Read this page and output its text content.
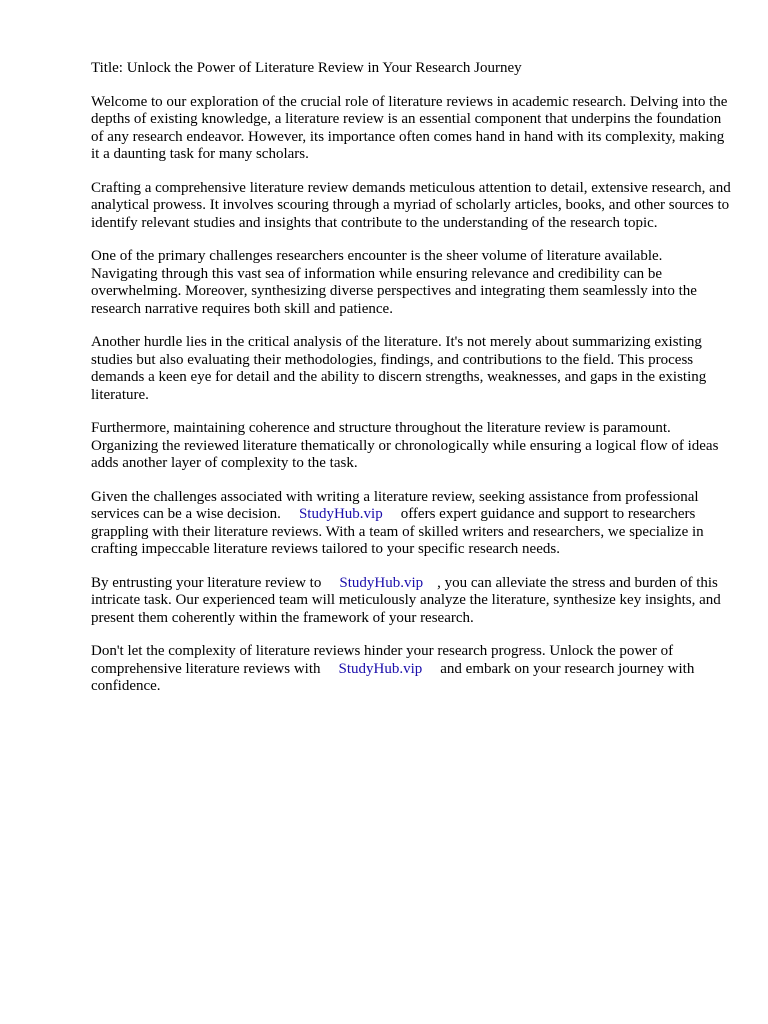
Title: Unlock the Power of Literature Review in Your Research Journey

Welcome to our exploration of the crucial role of literature reviews in academic research. Delving into the depths of existing knowledge, a literature review is an essential component that underpins the foundation of any research endeavor. However, its importance often comes hand in hand with its complexity, making it a daunting task for many scholars.

Crafting a comprehensive literature review demands meticulous attention to detail, extensive research, and analytical prowess. It involves scouring through a myriad of scholarly articles, books, and other sources to identify relevant studies and insights that contribute to the understanding of the research topic.

One of the primary challenges researchers encounter is the sheer volume of literature available. Navigating through this vast sea of information while ensuring relevance and credibility can be overwhelming. Moreover, synthesizing diverse perspectives and integrating them seamlessly into the research narrative requires both skill and patience.

Another hurdle lies in the critical analysis of the literature. It's not merely about summarizing existing studies but also evaluating their methodologies, findings, and contributions to the field. This process demands a keen eye for detail and the ability to discern strengths, weaknesses, and gaps in the existing literature.

Furthermore, maintaining coherence and structure throughout the literature review is paramount. Organizing the reviewed literature thematically or chronologically while ensuring a logical flow of ideas adds another layer of complexity to the task.

Given the challenges associated with writing a literature review, seeking assistance from professional services can be a wise decision. StudyHub.vip offers expert guidance and support to researchers grappling with their literature reviews. With a team of skilled writers and researchers, we specialize in crafting impeccable literature reviews tailored to your specific research needs.

By entrusting your literature review to StudyHub.vip , you can alleviate the stress and burden of this intricate task. Our experienced team will meticulously analyze the literature, synthesize key insights, and present them coherently within the framework of your research.

Don't let the complexity of literature reviews hinder your research progress. Unlock the power of comprehensive literature reviews with StudyHub.vip and embark on your research journey with confidence.
